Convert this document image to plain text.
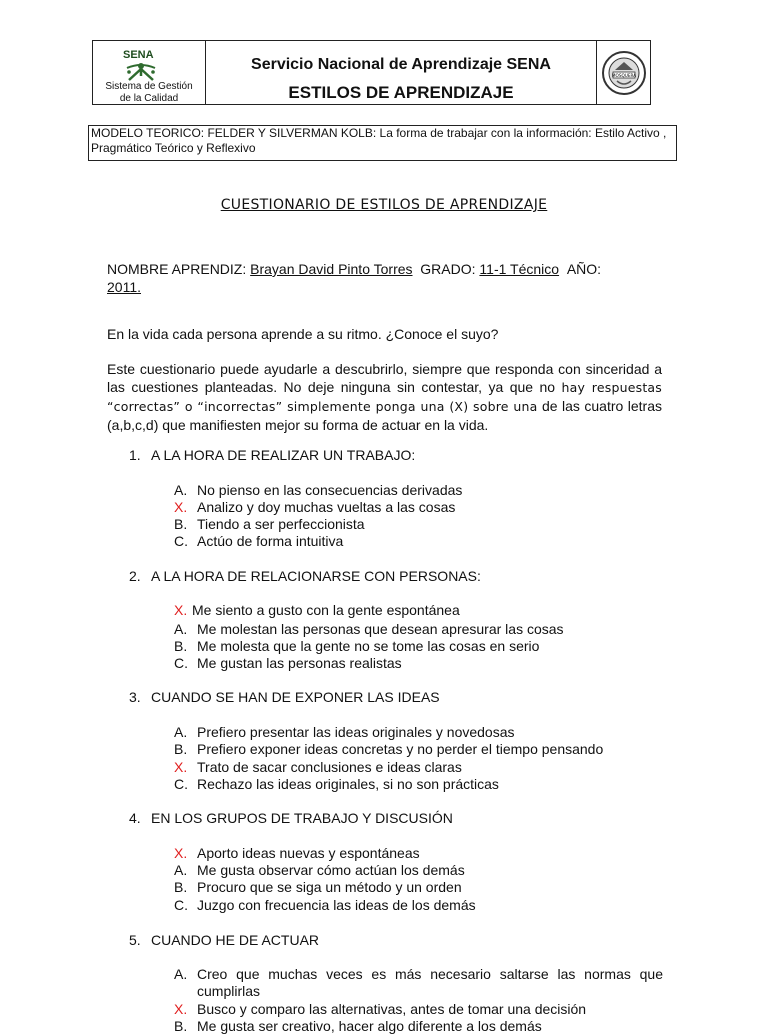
SENA
Sistema de Gestión
de la Calidad
Servicio Nacional de Aprendizaje SENA
ESTILOS DE APRENDIZAJE
MOSQUERA
MODELO TEORICO: FELDER Y SILVERMAN KOLB: La forma de trabajar con la información: Estilo Activo , Pragmático Teórico y Reflexivo
CUESTIONARIO DE ESTILOS DE APRENDIZAJE
NOMBRE APRENDIZ: Brayan David Pinto Torres GRADO: 11-1 Técnico AÑO:
2011.
En la vida cada persona aprende a su ritmo. ¿Conoce el suyo?
Este cuestionario puede ayudarle a descubrirlo, siempre que responda con sinceridad a las cuestiones planteadas. No deje ninguna sin contestar, ya que no hay respuestas “correctas” o “incorrectas” simplemente ponga una (X) sobre una de las cuatro letras (a,b,c,d) que manifiesten mejor su forma de actuar en la vida.
1. A LA HORA DE REALIZAR UN TRABAJO:
A. No pienso en las consecuencias derivadas
X. Analizo y doy muchas vueltas a las cosas
B. Tiendo a ser perfeccionista
C. Actúo de forma intuitiva
2. A LA HORA DE RELACIONARSE CON PERSONAS:
X. Me siento a gusto con la gente espontánea
A. Me molestan las personas que desean apresurar las cosas
B. Me molesta que la gente no se tome las cosas en serio
C. Me gustan las personas realistas
3. CUANDO SE HAN DE EXPONER LAS IDEAS
A. Prefiero presentar las ideas originales y novedosas
B. Prefiero exponer ideas concretas y no perder el tiempo pensando
X. Trato de sacar conclusiones e ideas claras
C. Rechazo las ideas originales, si no son prácticas
4. EN LOS GRUPOS DE TRABAJO Y DISCUSIÓN
X. Aporto ideas nuevas y espontáneas
A. Me gusta observar cómo actúan los demás
B. Procuro que se siga un método y un orden
C. Juzgo con frecuencia las ideas de los demás
5. CUANDO HE DE ACTUAR
A. Creo que muchas veces es más necesario saltarse las normas que cumplirlas
X. Busco y comparo las alternativas, antes de tomar una decisión
B. Me gusta ser creativo, hacer algo diferente a los demás
